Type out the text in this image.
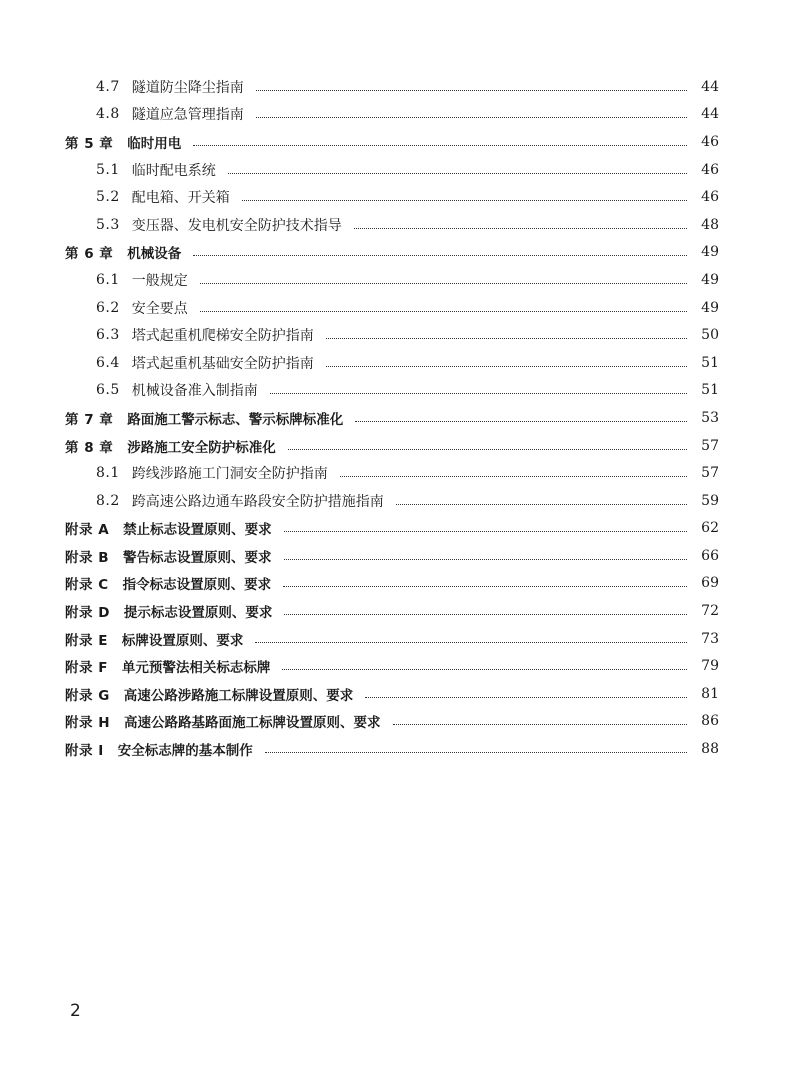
4.7 隧道防尘降尘指南	44
4.8 隧道应急管理指南	44
第 5 章 临时用电	46
5.1 临时配电系统	46
5.2 配电箱、开关箱	46
5.3 变压器、发电机安全防护技术指导	48
第 6 章 机械设备	49
6.1 一般规定	49
6.2 安全要点	49
6.3 塔式起重机爬梯安全防护指南	50
6.4 塔式起重机基础安全防护指南	51
6.5 机械设备准入制指南	51
第 7 章 路面施工警示标志、警示标牌标准化	53
第 8 章 涉路施工安全防护标准化	57
8.1 跨线涉路施工门洞安全防护指南	57
8.2 跨高速公路边通车路段安全防护措施指南	59
附录 A 禁止标志设置原则、要求	62
附录 B 警告标志设置原则、要求	66
附录 C 指令标志设置原则、要求	69
附录 D 提示标志设置原则、要求	72
附录 E 标牌设置原则、要求	73
附录 F 单元预警法相关标志标牌	79
附录 G 高速公路涉路施工标牌设置原则、要求	81
附录 H 高速公路路基路面施工标牌设置原则、要求	86
附录 I 安全标志牌的基本制作	88
2
